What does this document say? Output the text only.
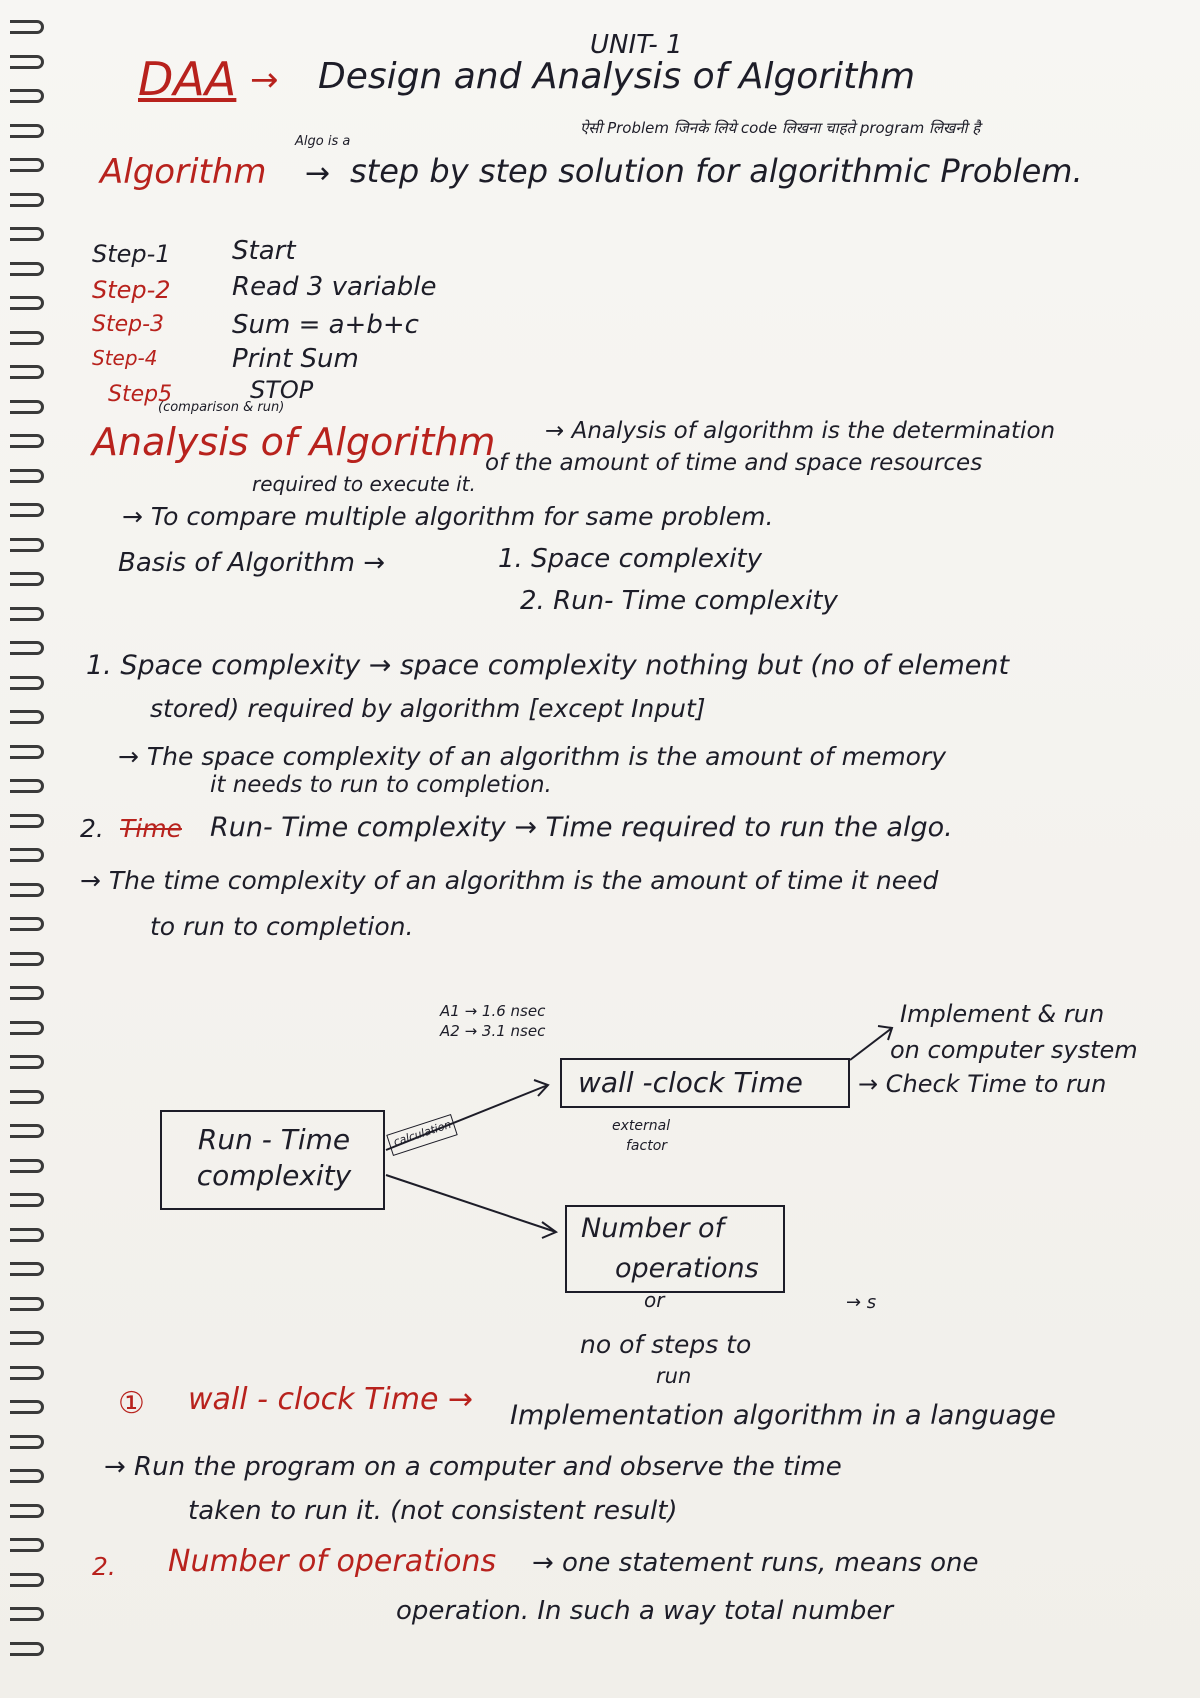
UNIT- 1
DAA → Design and Analysis of Algorithm
ऐसी Problem जिनके लिये code लिखना चाहते program लिखनी है
Algo is a
Algorithm → step by step solution for algorithmic Problem.
Step-1 Start
Step-2 Read 3 variable
Step-3	Sum = a+b+c
Step-4	Print Sum
Step5	STOP
(comparison & run)
Analysis of Algorithm → Analysis of algorithm is the determination
of the amount of time and space resources
required to execute it.
→ To compare multiple algorithm for same problem.
Basis of Algorithm →	1. Space complexity
2. Run- Time complexity
1. Space complexity → space complexity nothing but (no of element
stored) required by algorithm [except Input]
→ The space complexity of an algorithm is the amount of memory
it needs to run to completion.
2. Time Run- Time complexity → Time required to run the algo.
→ The time complexity of an algorithm is the amount of time it need
to run to completion.
A1 → 1.6 nsec
A2 → 3.1 nsec
Implement & run
on computer system
wall -clock Time → Check Time to run
external
factor
Run - Time complexity
calculation
Number of
operations
or	→ s
no of steps to
run
① wall - clock Time → Implementation algorithm in a language
→ Run the program on a computer and observe the time
taken to run it. (not consistent result)
2. Number of operations → one statement runs, means one
operation. In such a way total number
